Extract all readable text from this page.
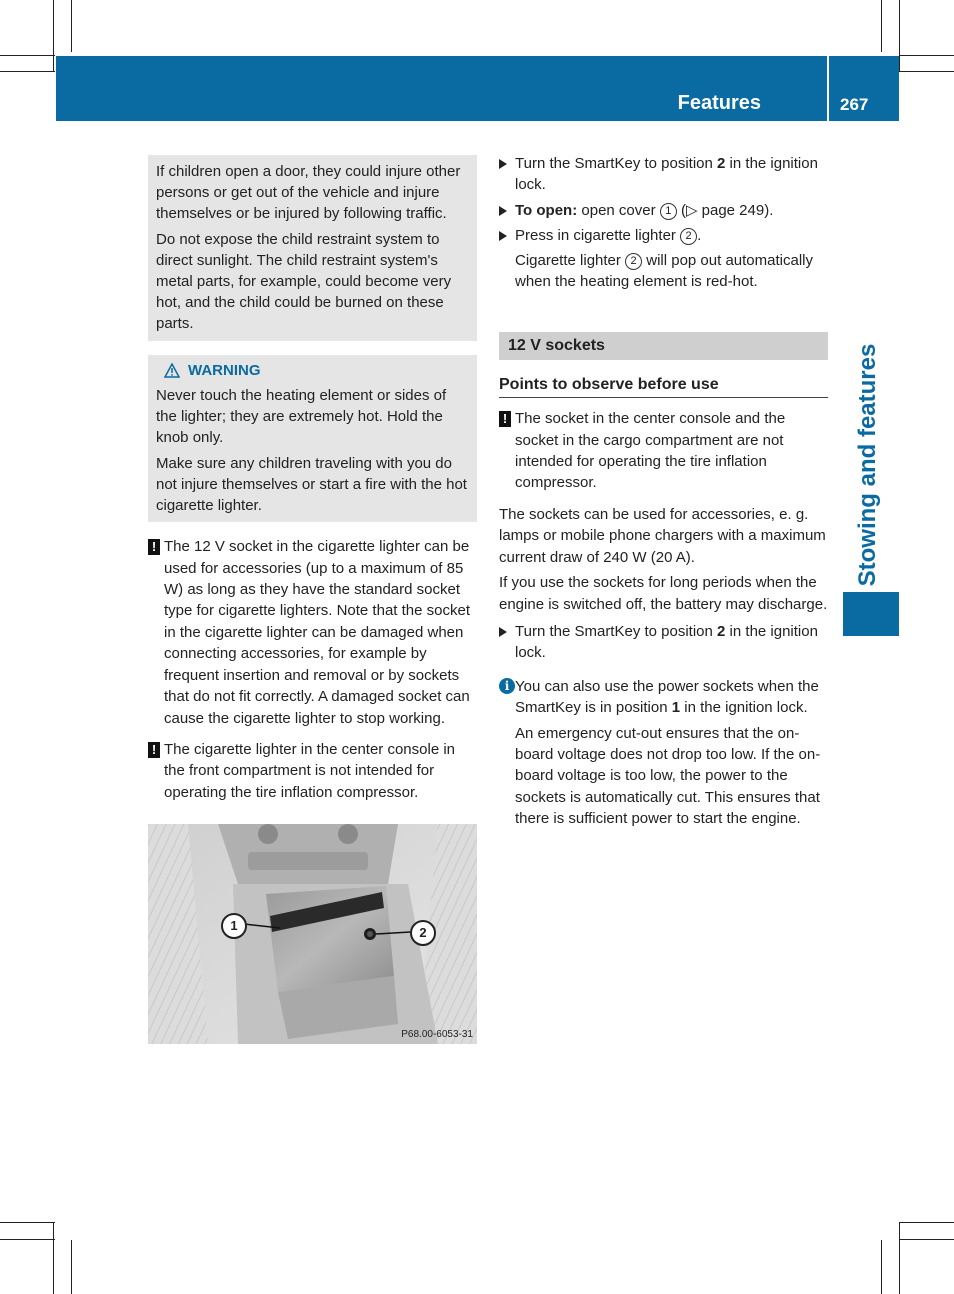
Features	267
Stowing and features

If children open a door, they could injure other persons or get out of the vehicle and injure themselves or be injured by following traffic.

Do not expose the child restraint system to direct sunlight. The child restraint system's metal parts, for example, could become very hot, and the child could be burned on these parts.

WARNING

Never touch the heating element or sides of the lighter; they are extremely hot. Hold the knob only.

Make sure any children traveling with you do not injure themselves or start a fire with the hot cigarette lighter.

! The 12 V socket in the cigarette lighter can be used for accessories (up to a maximum of 85 W) as long as they have the standard socket type for cigarette lighters. Note that the socket in the cigarette lighter can be damaged when connecting accessories, for example by frequent insertion and removal or by sockets that do not fit correctly. A damaged socket can cause the cigarette lighter to stop working.
! The cigarette lighter in the center console in the front compartment is not intended for operating the tire inflation compressor.
1	2
P68.00-6053-31
Turn the SmartKey to position 2 in the ignition lock.
To open: open cover 1 (▷ page 249).
Press in cigarette lighter 2 .
Cigarette lighter 2 will pop out automatically when the heating element is red-hot.
12 V sockets
Points to observe before use
! The socket in the center console and the socket in the cargo compartment are not intended for operating the tire inflation compressor.

The sockets can be used for accessories, e. g. lamps or mobile phone chargers with a maximum current draw of 240 W (20 A).

If you use the sockets for long periods when the engine is switched off, the battery may discharge.

Turn the SmartKey to position 2 in the ignition lock.
i You can also use the power sockets when the SmartKey is in position 1 in the ignition lock.
An emergency cut-out ensures that the on-board voltage does not drop too low. If the on-board voltage is too low, the power to the sockets is automatically cut. This ensures that there is sufficient power to start the engine.
